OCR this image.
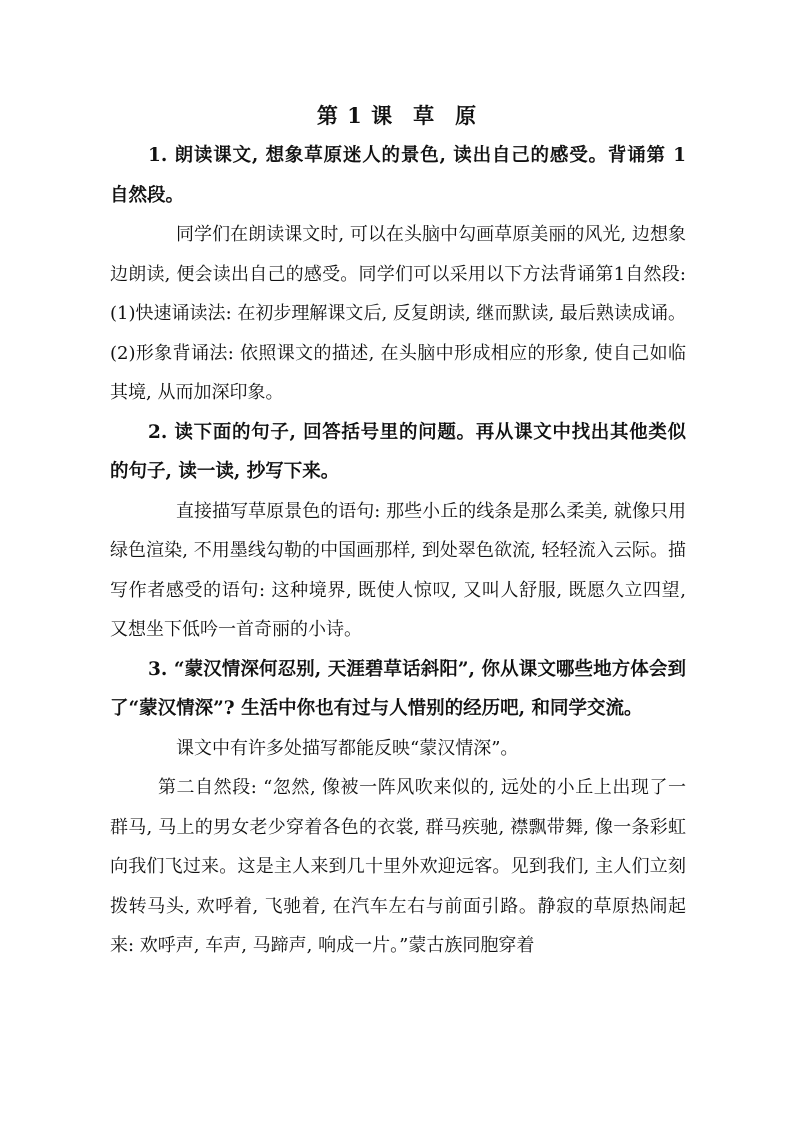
第 1 课 草 原

1. 朗读课文, 想象草原迷人的景色, 读出自己的感受。背诵第 1 自然段。

同学们在朗读课文时, 可以在头脑中勾画草原美丽的风光, 边想象边朗读, 便会读出自己的感受。同学们可以采用以下方法背诵第1自然段: (1)快速诵读法: 在初步理解课文后, 反复朗读, 继而默读, 最后熟读成诵。(2)形象背诵法: 依照课文的描述, 在头脑中形成相应的形象, 使自己如临其境, 从而加深印象。

2. 读下面的句子, 回答括号里的问题。再从课文中找出其他类似的句子, 读一读, 抄写下来。

直接描写草原景色的语句: 那些小丘的线条是那么柔美, 就像只用绿色渲染, 不用墨线勾勒的中国画那样, 到处翠色欲流, 轻轻流入云际。描写作者感受的语句: 这种境界, 既使人惊叹, 又叫人舒服, 既愿久立四望, 又想坐下低吟一首奇丽的小诗。

3. “蒙汉情深何忍别, 天涯碧草话斜阳”, 你从课文哪些地方体会到了“蒙汉情深”? 生活中你也有过与人惜别的经历吧, 和同学交流。

课文中有许多处描写都能反映“蒙汉情深”。

第二自然段: “忽然, 像被一阵风吹来似的, 远处的小丘上出现了一群马, 马上的男女老少穿着各色的衣裳, 群马疾驰, 襟飘带舞, 像一条彩虹向我们飞过来。这是主人来到几十里外欢迎远客。见到我们, 主人们立刻拨转马头, 欢呼着, 飞驰着, 在汽车左右与前面引路。静寂的草原热闹起来: 欢呼声, 车声, 马蹄声, 响成一片。”蒙古族同胞穿着
